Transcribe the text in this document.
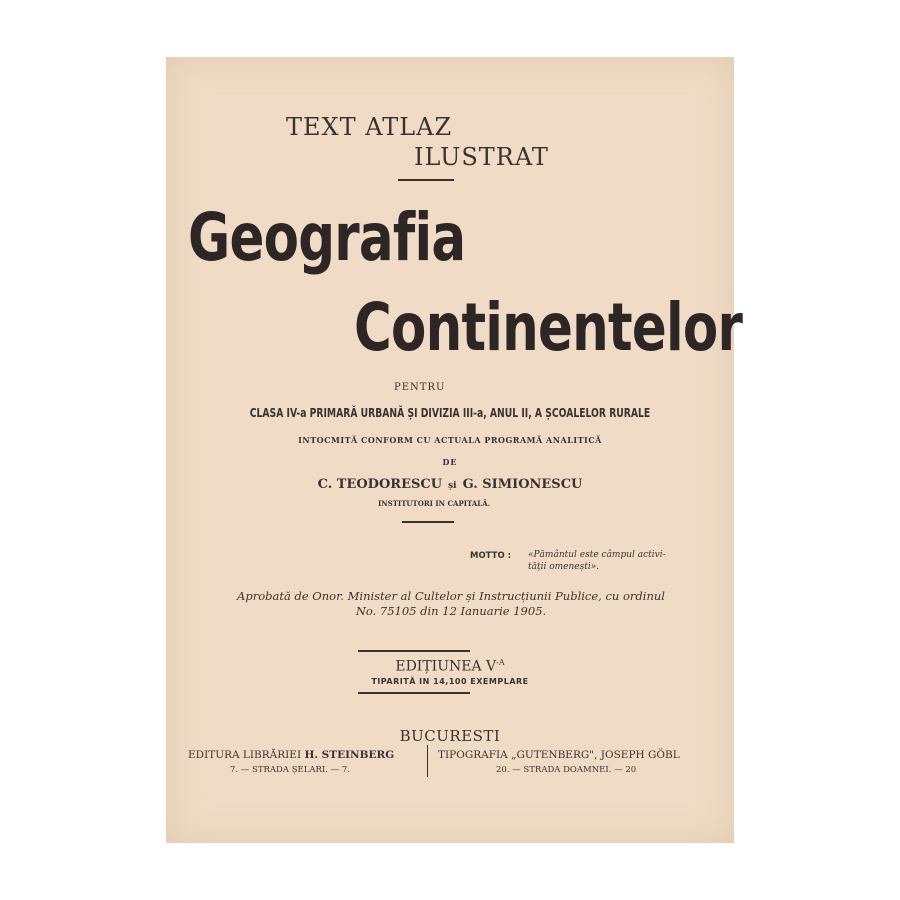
TEXT ATLAZ
ILUSTRAT
Geografia
Continentelor
PENTRU
CLASA IV-a PRIMARĂ URBANĂ ȘI DIVIZIA III-a, ANUL II, A ȘCOALELOR RURALE
INTOCMITĂ CONFORM CU ACTUALA PROGRAMĂ ANALITICĂ
DE
C. TEODORESCU și G. SIMIONESCU
INSTITUTORI IN CAPITALĂ.
MOTTO : «Pământul este câmpul activi- tății omenești».
Aprobată de Onor. Minister al Cultelor și Instrucțiunii Publice, cu ordinul No. 75105 din 12 Ianuarie 1905.
EDIȚIUNEA $V^{-A}$
TIPARITĂ IN 14,100 EXEMPLARE
BUCURESTI
EDITURA LIBRĂRIEI H. STEINBERG
7. — STRADA ȘELARI. — 7.
TIPOGRAFIA „GUTENBERG", JOSEPH GÖBL
20. — STRADA DOAMNEI. — 20
